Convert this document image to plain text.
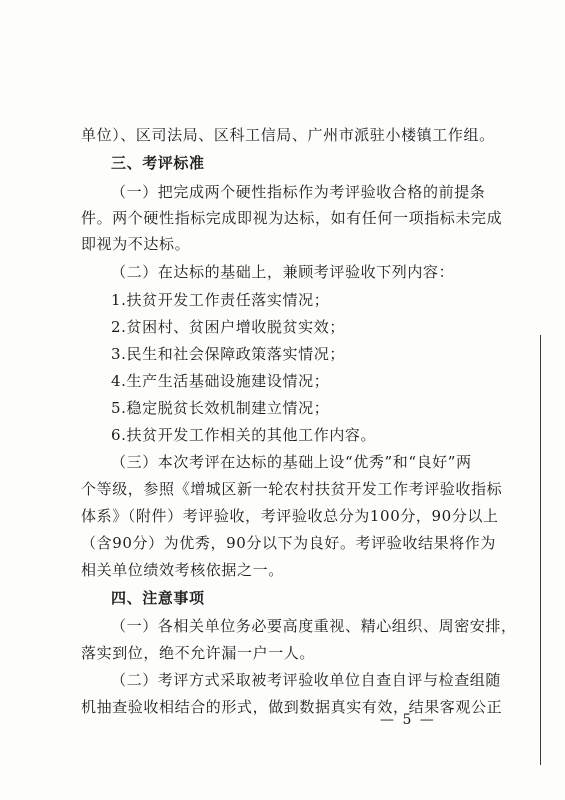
单位）、区司法局、区科工信局、广州市派驻小楼镇工作组。
三、考评标准
（一）把完成两个硬性指标作为考评验收合格的前提条
件。两个硬性指标完成即视为达标，如有任何一项指标未完成
即视为不达标。
（二）在达标的基础上，兼顾考评验收下列内容：
1.扶贫开发工作责任落实情况；
2.贫困村、贫困户增收脱贫实效；
3.民生和社会保障政策落实情况；
4.生产生活基础设施建设情况；
5.稳定脱贫长效机制建立情况；
6.扶贫开发工作相关的其他工作内容。
（三）本次考评在达标的基础上设“优秀”和“良好”两
个等级，参照《增城区新一轮农村扶贫开发工作考评验收指标
体系》（附件）考评验收，考评验收总分为100分，90分以上
（含90分）为优秀，90分以下为良好。考评验收结果将作为
相关单位绩效考核依据之一。
四、注意事项
（一）各相关单位务必要高度重视、精心组织、周密安排，
落实到位，绝不允许漏一户一人。
（二）考评方式采取被考评验收单位自查自评与检查组随
机抽查验收相结合的形式，做到数据真实有效，结果客观公正
— 5 —
